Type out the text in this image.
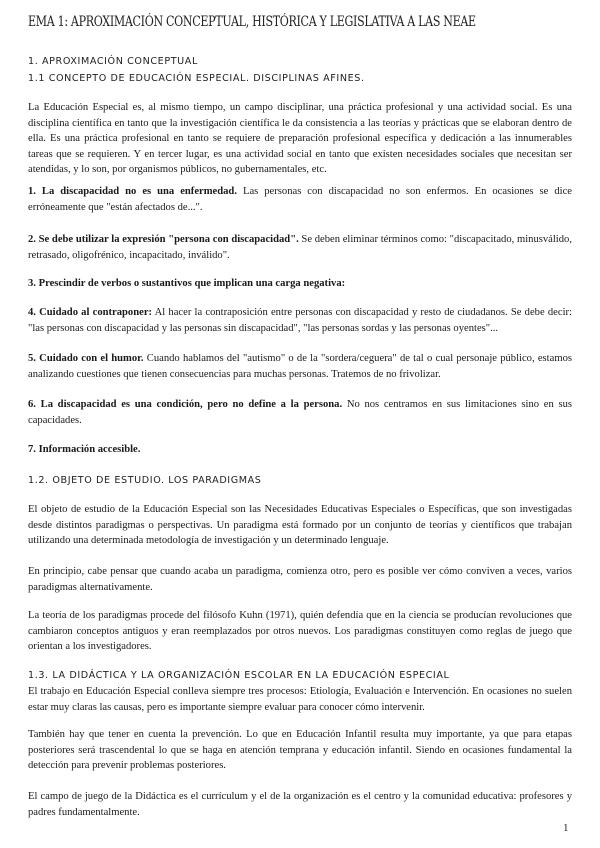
EMA 1: APROXIMACIÓN CONCEPTUAL, HISTÓRICA Y LEGISLATIVA A LAS NEAE
1. APROXIMACIÓN CONCEPTUAL
1.1 CONCEPTO DE EDUCACIÓN ESPECIAL. DISCIPLINAS AFINES.

La Educación Especial es, al mismo tiempo, un campo disciplinar, una práctica profesional y una actividad social. Es una disciplina científica en tanto que la investigación científica le da consistencia a las teorías y prácticas que se elaboran dentro de ella. Es una práctica profesional en tanto se requiere de preparación profesional específica y dedicación a las innumerables tareas que se requieren. Y en tercer lugar, es una actividad social en tanto que existen necesidades sociales que necesitan ser atendidas, y lo son, por organismos públicos, no gubernamentales, etc.

1. La discapacidad no es una enfermedad. Las personas con discapacidad no son enfermos. En ocasiones se dice erróneamente que "están afectados de...".

2. Se debe utilizar la expresión "persona con discapacidad". Se deben eliminar términos como: "discapacitado, minusválido, retrasado, oligofrénico, incapacitado, inválido".

3. Prescindir de verbos o sustantivos que implican una carga negativa:

4. Cuidado al contraponer: Al hacer la contraposición entre personas con discapacidad y resto de ciudadanos. Se debe decir: "las personas con discapacidad y las personas sin discapacidad", "las personas sordas y las personas oyentes"...

5. Cuidado con el humor. Cuando hablamos del "autismo" o de la "sordera/ceguera" de tal o cual personaje público, estamos analizando cuestiones que tienen consecuencias para muchas personas. Tratemos de no frivolizar.

6. La discapacidad es una condición, pero no define a la persona. No nos centramos en sus limitaciones sino en sus capacidades.

7. Información accesible.

1.2. OBJETO DE ESTUDIO. LOS PARADIGMAS

El objeto de estudio de la Educación Especial son las Necesidades Educativas Especiales o Específicas, que son investigadas desde distintos paradigmas o perspectivas. Un paradigma está formado por un conjunto de teorías y científicos que trabajan utilizando una determinada metodología de investigación y un determinado lenguaje.

En principio, cabe pensar que cuando acaba un paradigma, comienza otro, pero es posible ver cómo conviven a veces, varios paradigmas alternativamente.

La teoría de los paradigmas procede del filósofo Kuhn (1971), quién defendía que en la ciencia se producían revoluciones que cambiaron conceptos antiguos y eran reemplazados por otros nuevos. Los paradigmas constituyen como reglas de juego que orientan a los investigadores.

1.3. LA DIDÁCTICA Y LA ORGANIZACIÓN ESCOLAR EN LA EDUCACIÓN ESPECIAL

El trabajo en Educación Especial conlleva siempre tres procesos: Etiología, Evaluación e Intervención. En ocasiones no suelen estar muy claras las causas, pero es importante siempre evaluar para conocer cómo intervenir.

También hay que tener en cuenta la prevención. Lo que en Educación Infantil resulta muy importante, ya que para etapas posteriores será trascendental lo que se haga en atención temprana y educación infantil. Siendo en ocasiones fundamental la detección para prevenir problemas posteriores.

El campo de juego de la Didáctica es el currículum y el de la organización es el centro y la comunidad educativa: profesores y padres fundamentalmente.

1
